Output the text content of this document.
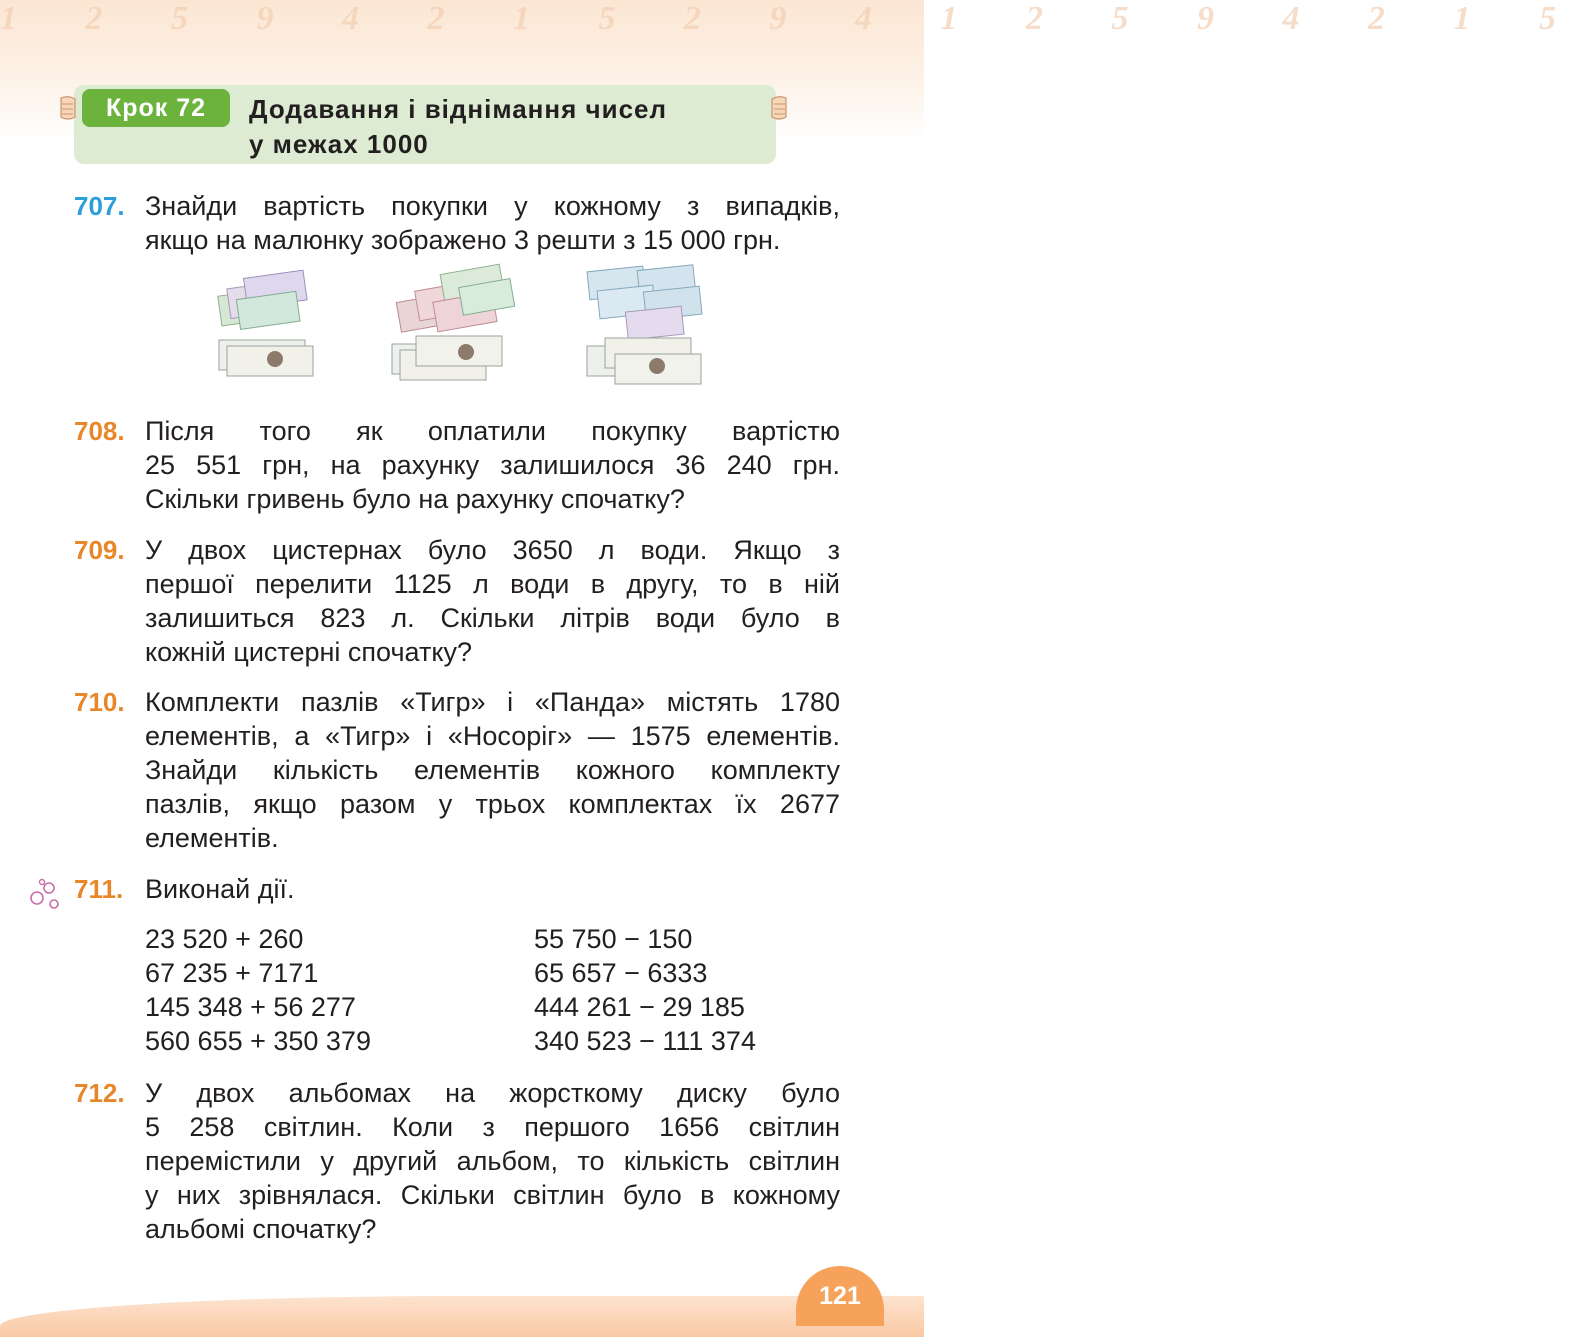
1 2 5 9 4 2 1 5 2 9 4 1 2 5 9 4 2 1 5
Крок 72	Додавання і віднімання чисел
у межах 1000
707. Знайди вартість покупки у кожному з випадків,
якщо на малюнку зображено 3 решти з 15 000 грн.
708. Після того як оплатили покупку вартістю
25 551 грн, на рахунку залишилося 36 240 грн.
Скільки гривень було на рахунку спочатку?
709. У двох цистернах було 3650 л води. Якщо з
першої перелити 1125 л води в другу, то в ній
залишиться 823 л. Скільки літрів води було в
кожній цистерні спочатку?
710. Комплекти пазлів «Тигр» і «Панда» містять 1780
елементів, а «Тигр» і «Носоріг» — 1575 елементів.
Знайди кількість елементів кожного комплекту
пазлів, якщо разом у трьох комплектах їх 2677
елементів.
711. Виконай дії.
23 520 + 260
67 235 + 7171
145 348 + 56 277
560 655 + 350 379
55 750 − 150
65 657 − 6333
444 261 − 29 185
340 523 − 111 374
712. У двох альбомах на жорсткому диску було
5 258 світлин. Коли з першого 1656 світлин
перемістили у другий альбом, то кількість світлин
у них зрівнялася. Скільки світлин було в кожному
альбомі спочатку?
121
